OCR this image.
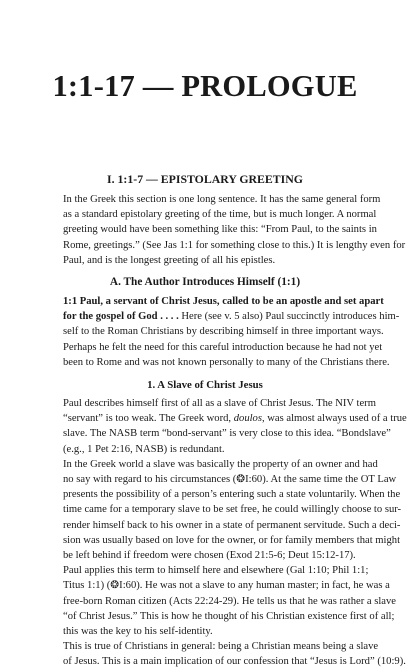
1:1-17 — PROLOGUE
I. 1:1-7 — EPISTOLARY GREETING

In the Greek this section is one long sentence. It has the same general form
as a standard epistolary greeting of the time, but is much longer. A normal
greeting would have been something like this: “From Paul, to the saints in
Rome, greetings.” (See Jas 1:1 for something close to this.) It is lengthy even for
Paul, and is the longest greeting of all his epistles.

A. The Author Introduces Himself (1:1)

1:1 Paul, a servant of Christ Jesus, called to be an apostle and set apart
for the gospel of God . . . . Here (see v. 5 also) Paul succinctly introduces him-
self to the Roman Christians by describing himself in three important ways.
Perhaps he felt the need for this careful introduction because he had not yet
been to Rome and was not known personally to many of the Christians there.

1. A Slave of Christ Jesus

Paul describes himself first of all as a slave of Christ Jesus. The NIV term
“servant” is too weak. The Greek word, doulos, was almost always used of a true
slave. The NASB term “bond-servant” is very close to this idea. “Bondslave”
(e.g., 1 Pet 2:16, NASB) is redundant.

In the Greek world a slave was basically the property of an owner and had
no say with regard to his circumstances (❂I:60). At the same time the OT Law
presents the possibility of a person’s entering such a state voluntarily. When the
time came for a temporary slave to be set free, he could willingly choose to sur-
render himself back to his owner in a state of permanent servitude. Such a deci-
sion was usually based on love for the owner, or for family members that might
be left behind if freedom were chosen (Exod 21:5-6; Deut 15:12-17).

Paul applies this term to himself here and elsewhere (Gal 1:10; Phil 1:1;
Titus 1:1) (❂I:60). He was not a slave to any human master; in fact, he was a
free-born Roman citizen (Acts 22:24-29). He tells us that he was rather a slave
“of Christ Jesus.” This is how he thought of his Christian existence first of all;
this was the key to his self-identity.

This is true of Christians in general: being a Christian means being a slave
of Jesus. This is a main implication of our confession that “Jesus is Lord” (10:9).
